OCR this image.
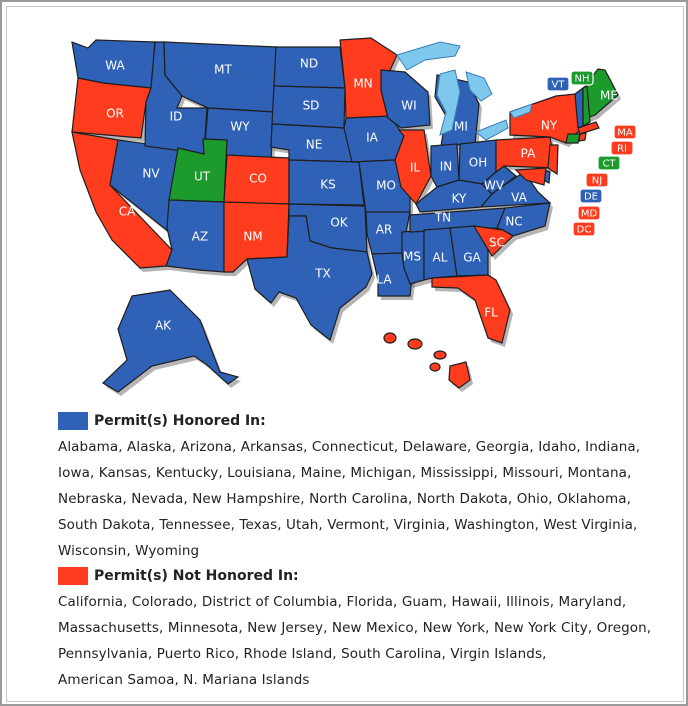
WA
OR
CA
NV
ID
MT
WY
UT
AZ
CO
NM
ND
SD
NE
KS
OK
TX
MN
IA
MO
AR
LA
WI
IL
MS
MI
IN OH
KY
TN
AL GA
FL
SC
NC
VA
WV
PA
NY
ME
AK
HI
VT
NH
MA
RI
CT
NJ
DE
MD
DC
Permit(s) Honored In:
Alabama, Alaska, Arizona, Arkansas, Connecticut, Delaware, Georgia, Idaho, Indiana, Iowa, Kansas, Kentucky, Louisiana, Maine, Michigan, Mississippi, Missouri, Montana, Nebraska, Nevada, New Hampshire, North Carolina, North Dakota, Ohio, Oklahoma, South Dakota, Tennessee, Texas, Utah, Vermont, Virginia, Washington, West Virginia, Wisconsin, Wyoming
Permit(s) Not Honored In:
California, Colorado, District of Columbia, Florida, Guam, Hawaii, Illinois, Maryland, Massachusetts, Minnesota, New Jersey, New Mexico, New York, New York City, Oregon, Pennsylvania, Puerto Rico, Rhode Island, South Carolina, Virgin Islands, American Samoa, N. Mariana Islands
